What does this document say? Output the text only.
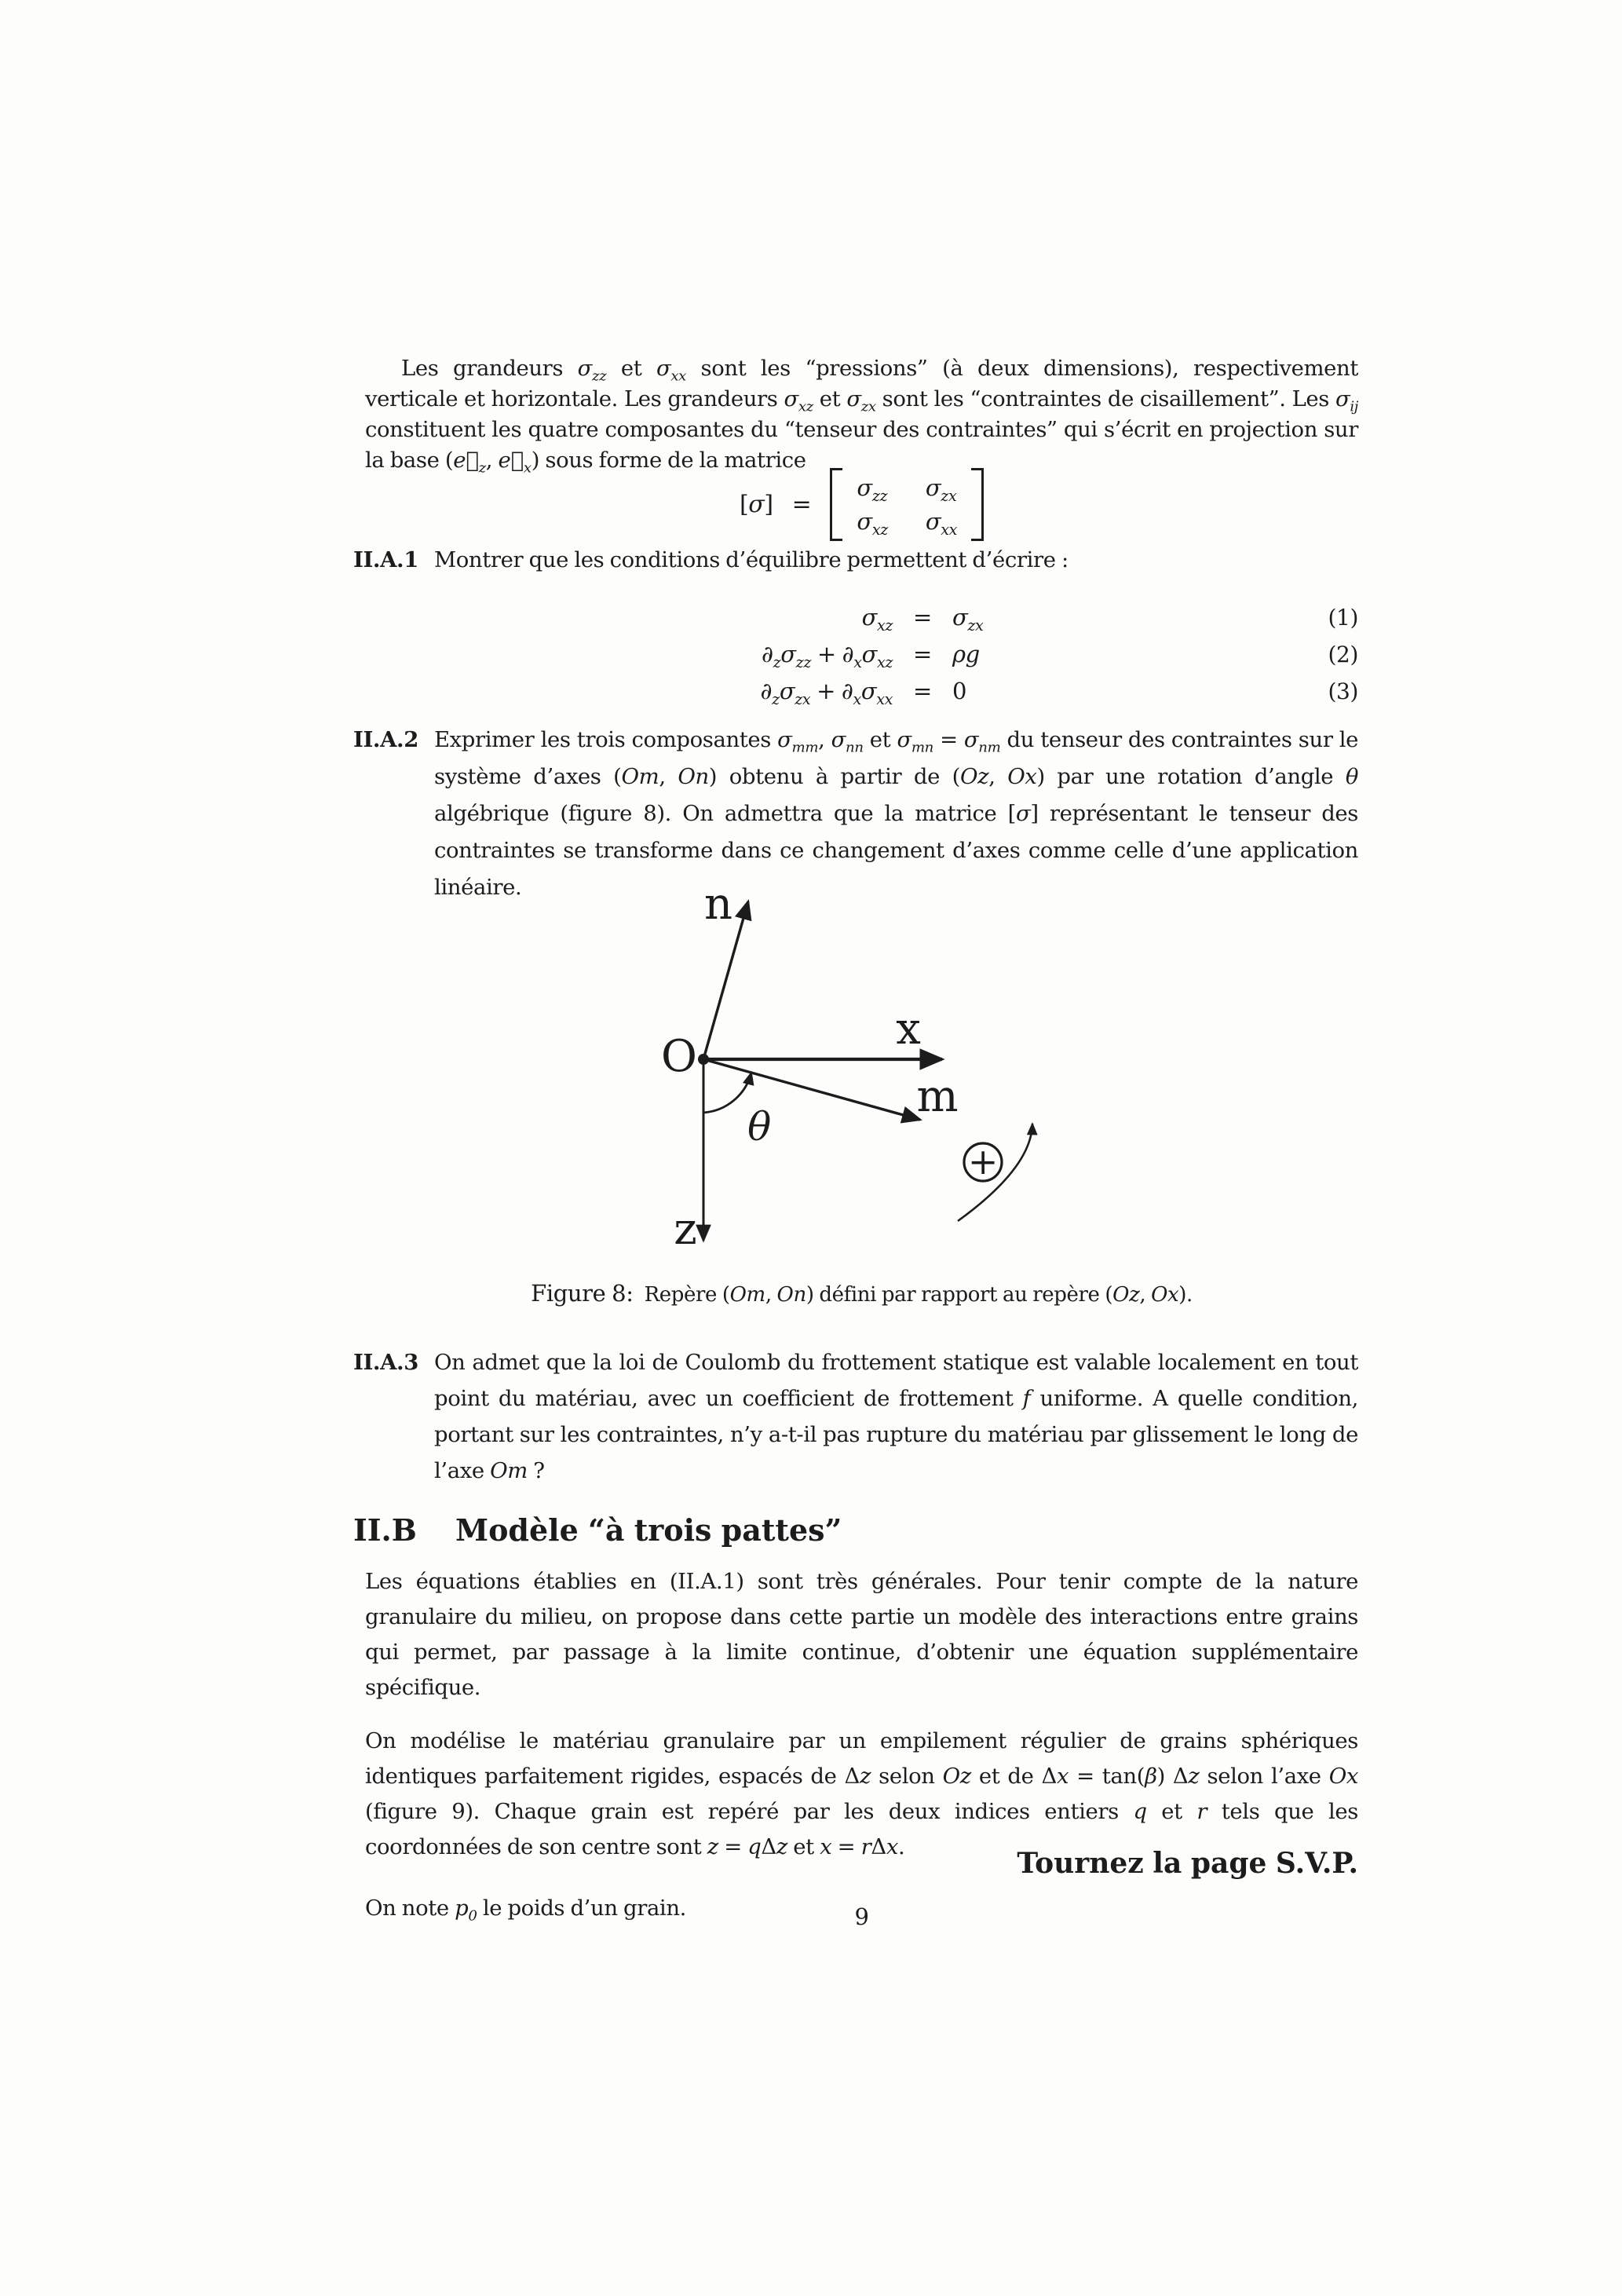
Les grandeurs $\sigma_{zz}$ et $\sigma_{xx}$ sont les “pressions” (à deux dimensions), respectivement verticale et horizontale. Les grandeurs $\sigma_{xz}$ et $\sigma_{zx}$ sont les “contraintes de cisaillement”. Les $\sigma_{ij}$ constituent les quatre composantes du “tenseur des contraintes” qui s’écrit en projection sur la base ($e⃗_z$, $e⃗_x$) sous forme de la matrice

[σ] =
$\sigma_{zz}$ $\sigma_{zx}$
$\sigma_{xz}$ $\sigma_{xx}$
II.A.1 Montrer que les conditions d’équilibre permettent d’écrire :
$\sigma_{xz} = \sigma_{zx}$	(1)
$\partial_z\sigma_{zz} + \partial_x\sigma_{xz} = \rho g$	(2)
$\partial_z\sigma_{zx} + \partial_x\sigma_{xx} = 0$	(3)
II.A.2 Exprimer les trois composantes $\sigma_{mm}$, $\sigma_{nn}$ et $\sigma_{mn} = \sigma_{nm}$ du tenseur des contraintes sur le système d’axes (Om, On) obtenu à partir de (Oz, Ox) par une rotation d’angle θ algébrique (figure 8). On admettra que la matrice [σ] représentant le tenseur des contraintes se transforme dans ce changement d’axes comme celle d’une application linéaire.
+
n
x
m
z
O
θ
Figure 8: Repère (Om, On) défini par rapport au repère (Oz, Ox).
II.A.3 On admet que la loi de Coulomb du frottement statique est valable localement en tout point du matériau, avec un coefficient de frottement f uniforme. A quelle condition, portant sur les contraintes, n’y a-t-il pas rupture du matériau par glissement le long de l’axe Om ?
II.B	Modèle “à trois pattes”

Les équations établies en (II.A.1) sont très générales. Pour tenir compte de la nature granulaire du milieu, on propose dans cette partie un modèle des interactions entre grains qui permet, par passage à la limite continue, d’obtenir une équation supplémentaire spécifique.

On modélise le matériau granulaire par un empilement régulier de grains sphériques identiques parfaitement rigides, espacés de Δz selon Oz et de Δx = tan(β) Δz selon l’axe Ox (figure 9). Chaque grain est repéré par les deux indices entiers q et r tels que les coordonnées de son centre sont z = qΔz et x = rΔx.

On note $p_0$ le poids d’un grain.

Tournez la page S.V.P.
9
